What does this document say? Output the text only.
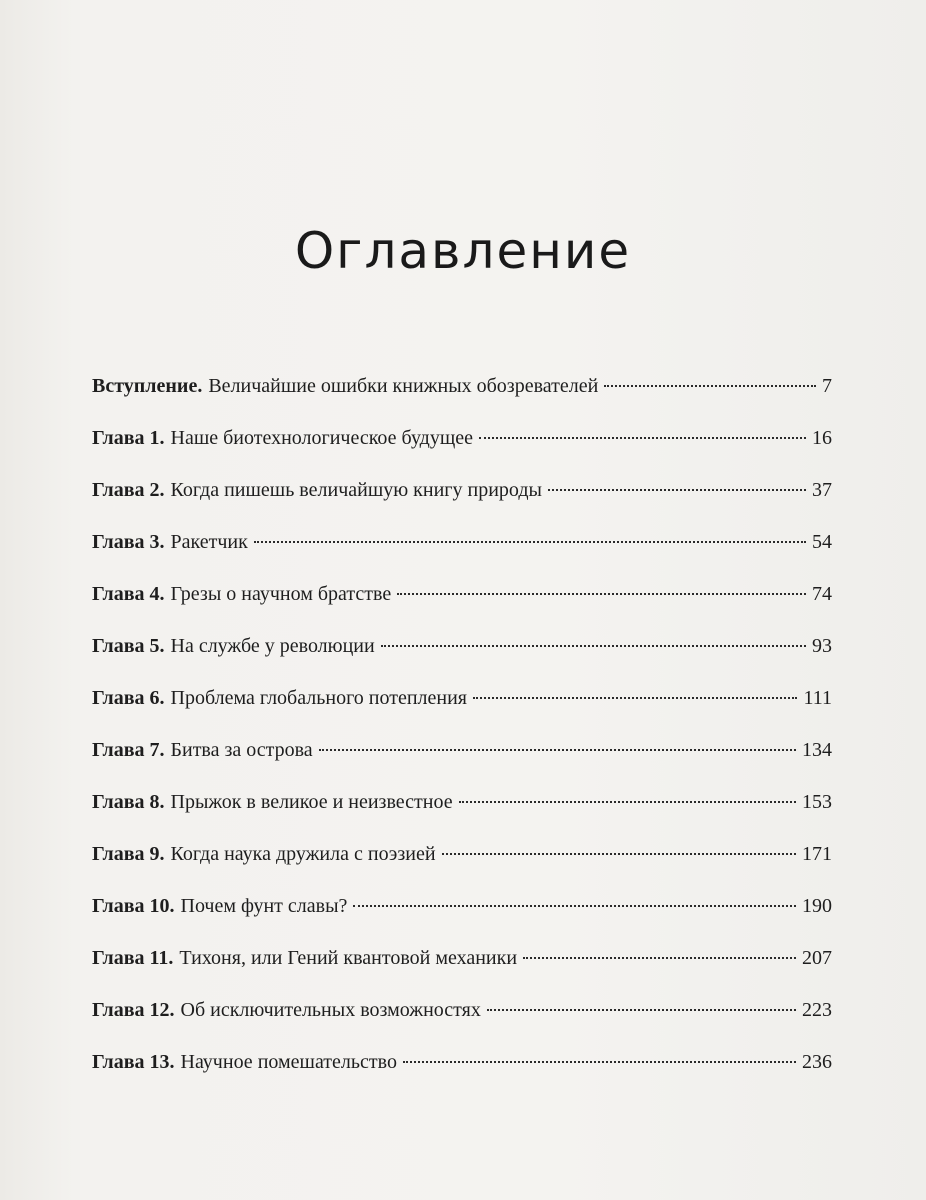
Оглавление
Вступление. Величайшие ошибки книжных обозревателей	7
Глава 1. Наше биотехнологическое будущее	16
Глава 2. Когда пишешь величайшую книгу природы	37
Глава 3. Ракетчик	54
Глава 4. Грезы о научном братстве	74
Глава 5. На службе у революции	93
Глава 6. Проблема глобального потепления	111
Глава 7. Битва за острова	134
Глава 8. Прыжок в великое и неизвестное	153
Глава 9. Когда наука дружила с поэзией	171
Глава 10. Почем фунт славы?	190
Глава 11. Тихоня, или Гений квантовой механики	207
Глава 12. Об исключительных возможностях	223
Глава 13. Научное помешательство	236
